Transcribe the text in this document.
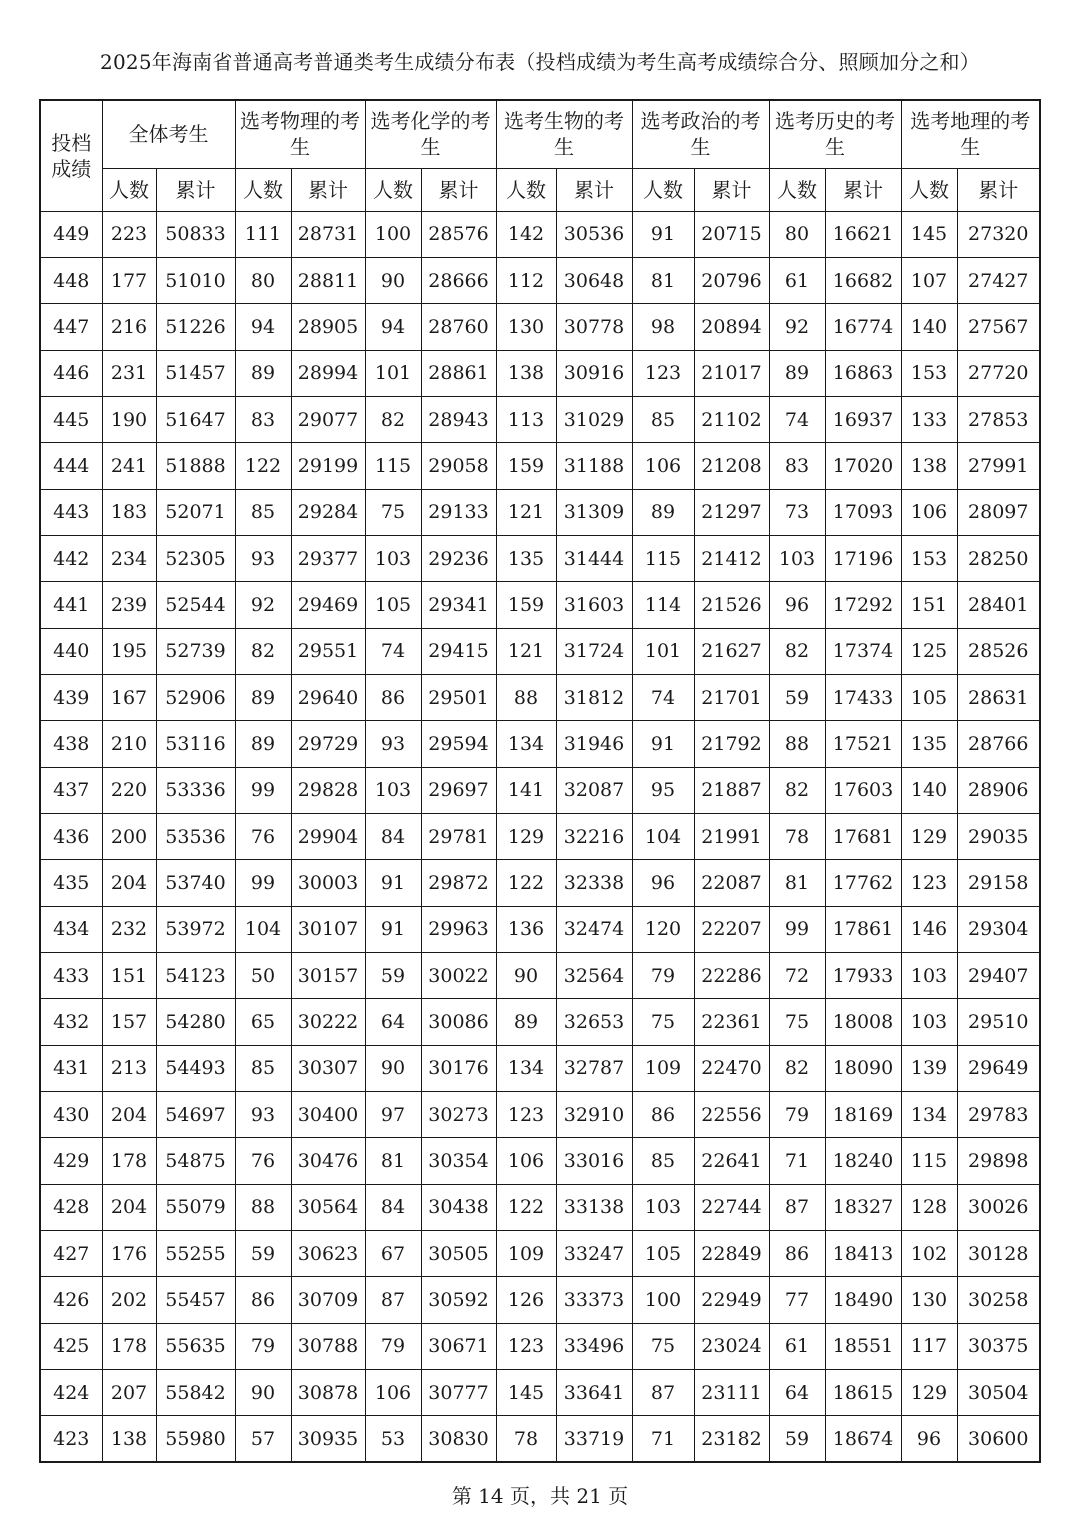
2025年海南省普通高考普通类考生成绩分布表（投档成绩为考生高考成绩综合分、照顾加分之和）
投档成绩	全体考生		选考物理的考生		选考化学的考生		选考生物的考生		选考政治的考生		选考历史的考生		选考地理的考生	
	人数	累计	人数	累计	人数	累计	人数	累计	人数	累计	人数	累计	人数	累计
449	223	50833	111	28731	100	28576	142	30536	91	20715	80	16621	145	27320
448	177	51010	80	28811	90	28666	112	30648	81	20796	61	16682	107	27427
447	216	51226	94	28905	94	28760	130	30778	98	20894	92	16774	140	27567
446	231	51457	89	28994	101	28861	138	30916	123	21017	89	16863	153	27720
445	190	51647	83	29077	82	28943	113	31029	85	21102	74	16937	133	27853
444	241	51888	122	29199	115	29058	159	31188	106	21208	83	17020	138	27991
443	183	52071	85	29284	75	29133	121	31309	89	21297	73	17093	106	28097
442	234	52305	93	29377	103	29236	135	31444	115	21412	103	17196	153	28250
441	239	52544	92	29469	105	29341	159	31603	114	21526	96	17292	151	28401
440	195	52739	82	29551	74	29415	121	31724	101	21627	82	17374	125	28526
439	167	52906	89	29640	86	29501	88	31812	74	21701	59	17433	105	28631
438	210	53116	89	29729	93	29594	134	31946	91	21792	88	17521	135	28766
437	220	53336	99	29828	103	29697	141	32087	95	21887	82	17603	140	28906
436	200	53536	76	29904	84	29781	129	32216	104	21991	78	17681	129	29035
435	204	53740	99	30003	91	29872	122	32338	96	22087	81	17762	123	29158
434	232	53972	104	30107	91	29963	136	32474	120	22207	99	17861	146	29304
433	151	54123	50	30157	59	30022	90	32564	79	22286	72	17933	103	29407
432	157	54280	65	30222	64	30086	89	32653	75	22361	75	18008	103	29510
431	213	54493	85	30307	90	30176	134	32787	109	22470	82	18090	139	29649
430	204	54697	93	30400	97	30273	123	32910	86	22556	79	18169	134	29783
429	178	54875	76	30476	81	30354	106	33016	85	22641	71	18240	115	29898
428	204	55079	88	30564	84	30438	122	33138	103	22744	87	18327	128	30026
427	176	55255	59	30623	67	30505	109	33247	105	22849	86	18413	102	30128
426	202	55457	86	30709	87	30592	126	33373	100	22949	77	18490	130	30258
425	178	55635	79	30788	79	30671	123	33496	75	23024	61	18551	117	30375
424	207	55842	90	30878	106	30777	145	33641	87	23111	64	18615	129	30504
423	138	55980	57	30935	53	30830	78	33719	71	23182	59	18674	96	30600
第 14 页，共 21 页
